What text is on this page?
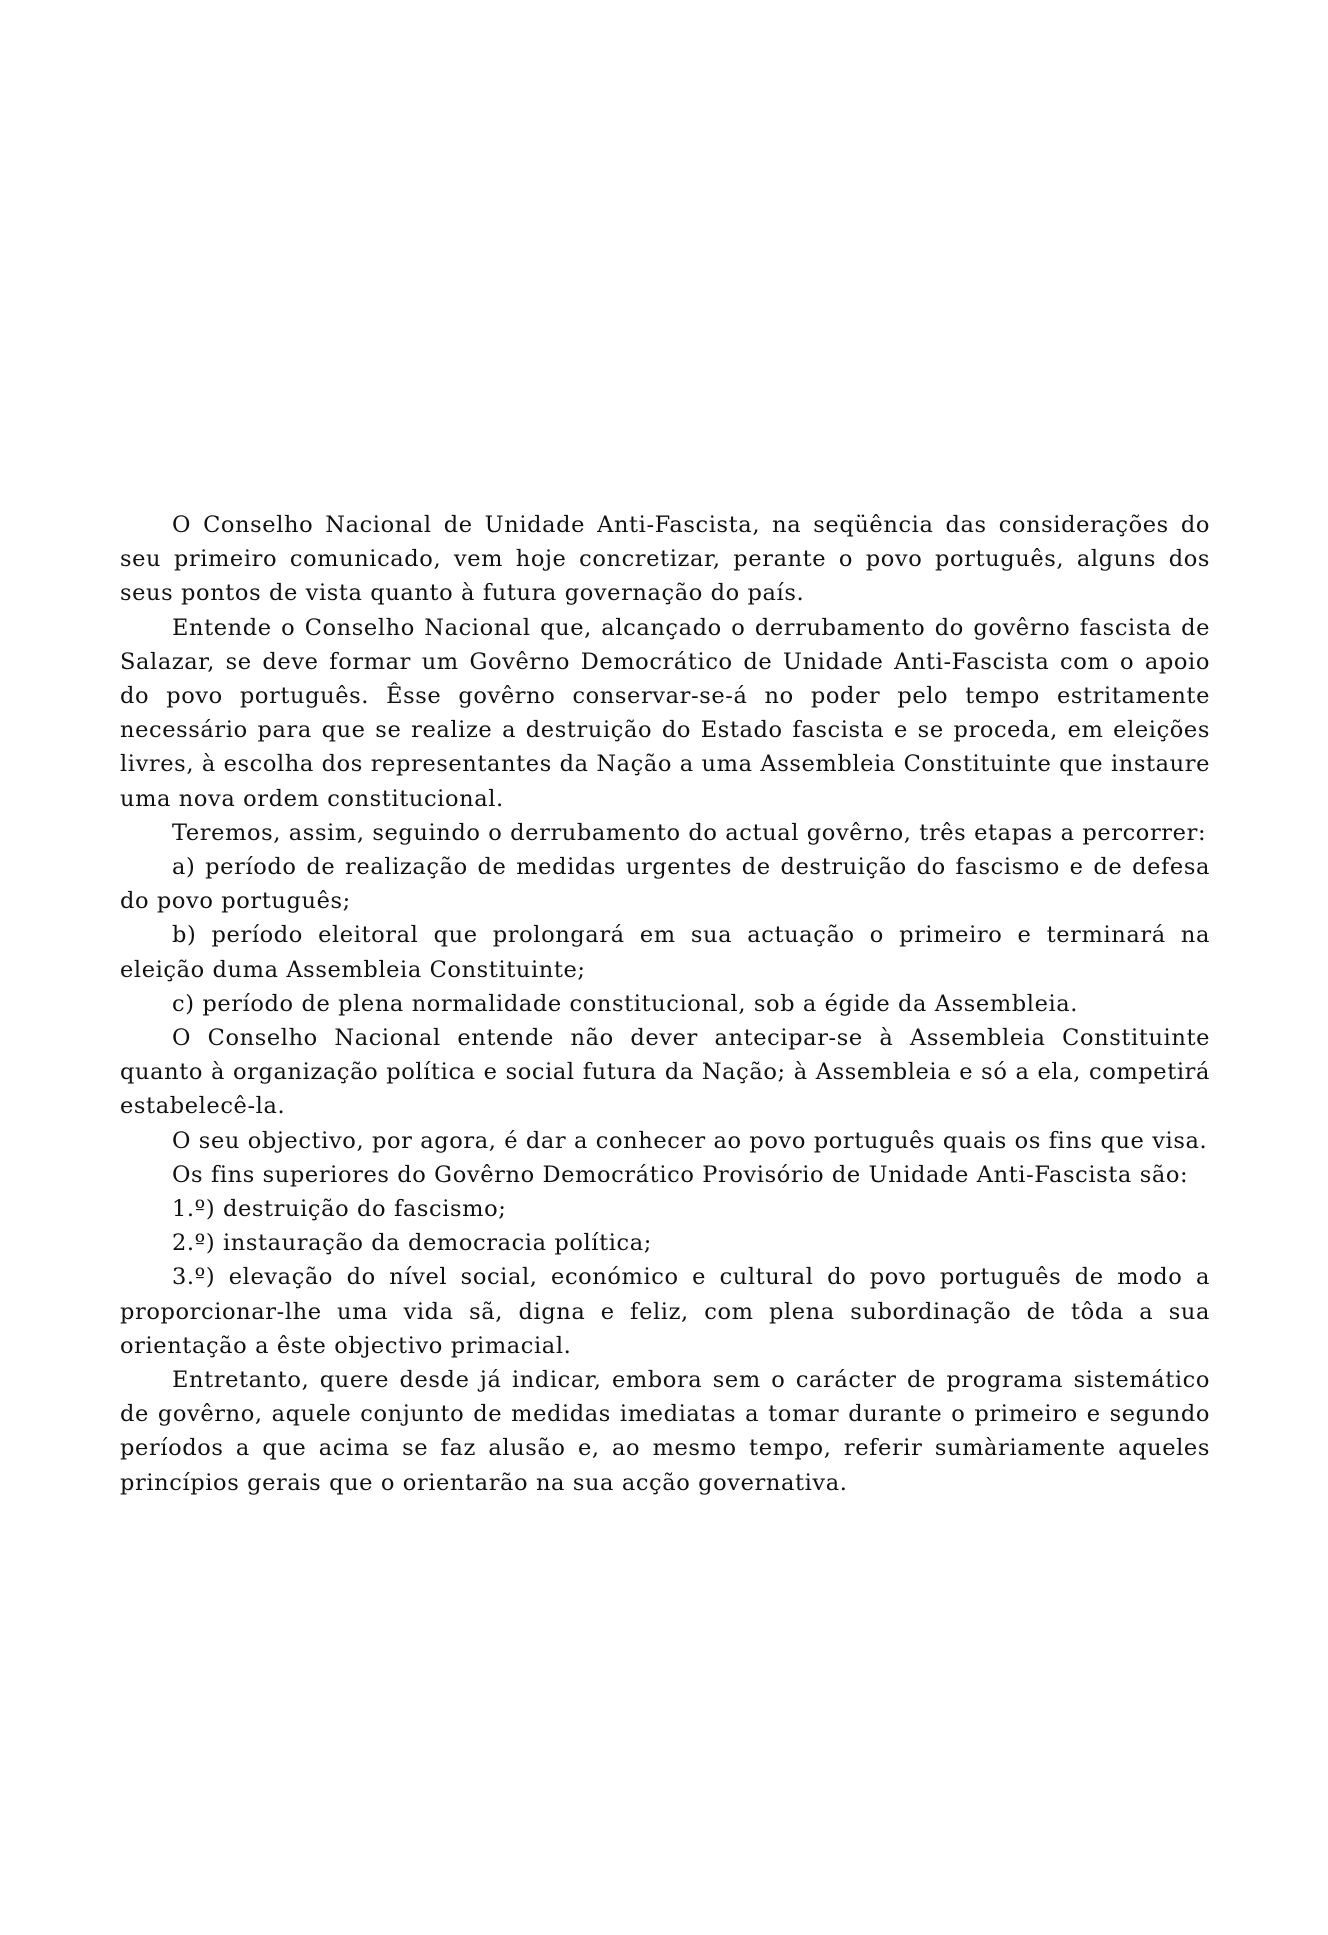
O Conselho Nacional de Unidade Anti-Fascista, na seqüência das considerações do seu primeiro comunicado, vem hoje concretizar, perante o povo português, alguns dos seus pontos de vista quanto à futura governação do país.

Entende o Conselho Nacional que, alcançado o derrubamento do govêrno fascista de Salazar, se deve formar um Govêrno Democrático de Unidade Anti-Fascista com o apoio do povo português. Êsse govêrno conservar-se-á no poder pelo tempo estritamente necessário para que se realize a destruição do Estado fascista e se proceda, em eleições livres, à escolha dos representantes da Nação a uma Assembleia Constituinte que instaure uma nova ordem constitucional.

Teremos, assim, seguindo o derrubamento do actual govêrno, três etapas a percorrer:

a) período de realização de medidas urgentes de destruição do fascismo e de defesa do povo português;

b) período eleitoral que prolongará em sua actuação o primeiro e terminará na eleição duma Assembleia Constituinte;

c) período de plena normalidade constitucional, sob a égide da Assembleia.

O Conselho Nacional entende não dever antecipar-se à Assembleia Constituinte quanto à organização política e social futura da Nação; à Assembleia e só a ela, competirá estabelecê-la.

O seu objectivo, por agora, é dar a conhecer ao povo português quais os fins que visa.

Os fins superiores do Govêrno Democrático Provisório de Unidade Anti-Fascista são:

1.º) destruição do fascismo;

2.º) instauração da democracia política;

3.º) elevação do nível social, económico e cultural do povo português de modo a proporcionar-lhe uma vida sã, digna e feliz, com plena subordinação de tôda a sua orientação a êste objectivo primacial.

Entretanto, quere desde já indicar, embora sem o carácter de programa sistemático de govêrno, aquele conjunto de medidas imediatas a tomar durante o primeiro e segundo períodos a que acima se faz alusão e, ao mesmo tempo, referir sumàriamente aqueles princípios gerais que o orientarão na sua acção governativa.
